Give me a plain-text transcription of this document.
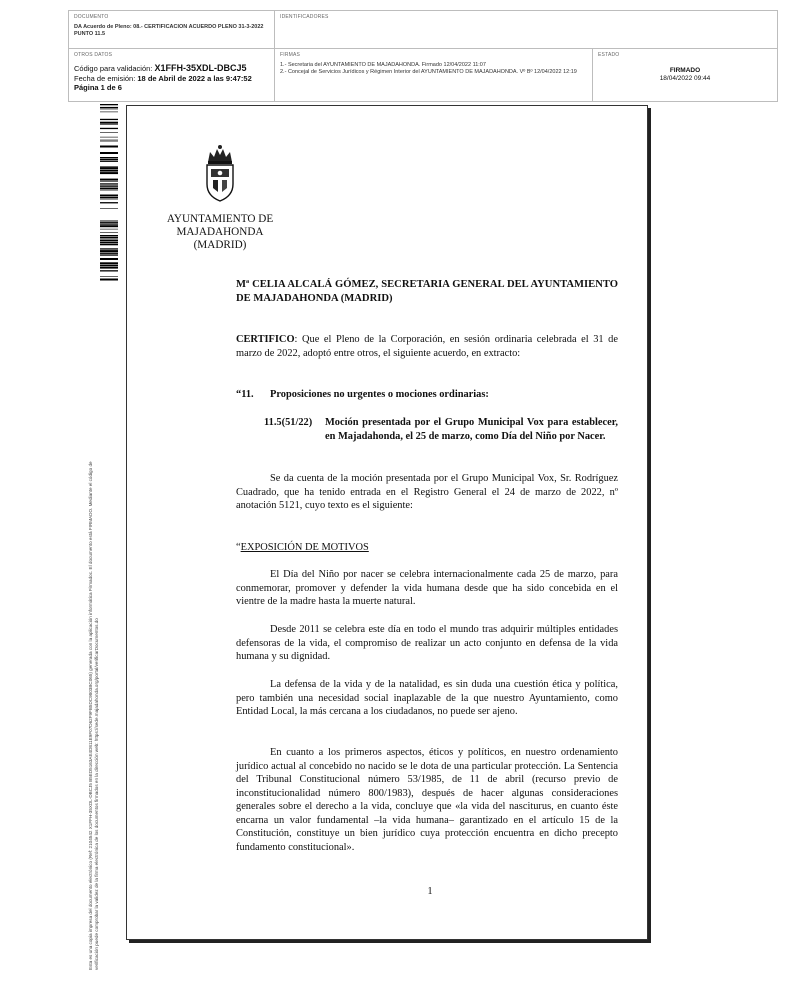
DOCUMENTO
DA Acuerdo de Pleno: 08.- CERTIFICACION ACUERDO PLENO 31-3-2022 PUNTO 11.5
IDENTIFICADORES
OTROS DATOS
Código para validación: X1FFH-35XDL-DBCJ5
Fecha de emisión: 18 de Abril de 2022 a las 9:47:52
Página 1 de 6
FIRMAS
1.- Secretaria del AYUNTAMIENTO DE MAJADAHONDA. Firmado 12/04/2022 11:07
2.- Concejal de Servicios Jurídicos y Régimen Interior del AYUNTAMIENTO DE MAJADAHONDA. Vº Bº 12/04/2022 12:19
ESTADO
FIRMADO
18/04/2022 09:44
Esta es una copia impresa del documento electrónico (Ref: 2104542 X1FFH-35XDL-DBCJ5 B5ED5163AE4D811E9F07D62F9FB5DC9803BC065) generada con la aplicación informática Firmadoc. El documento está FIRMADO. Mediante el código de verificación puede comprobar la validez de la firma electrónica de los documentos firmados en la dirección web: https://sede.majadahonda.org/portal/verificarDocumentos.do
AYUNTAMIENTO DE
MAJADAHONDA
(MADRID)
Mª CELIA ALCALÁ GÓMEZ, SECRETARIA GENERAL DEL AYUNTAMIENTO DE MAJADAHONDA (MADRID)
CERTIFICO: Que el Pleno de la Corporación, en sesión ordinaria celebrada el 31 de marzo de 2022, adoptó entre otros, el siguiente acuerdo, en extracto:
“11. Proposiciones no urgentes o mociones ordinarias:
11.5(51/22) Moción presentada por el Grupo Municipal Vox para establecer, en Majadahonda, el 25 de marzo, como Día del Niño por Nacer.
Se da cuenta de la moción presentada por el Grupo Municipal Vox, Sr. Rodríguez Cuadrado, que ha tenido entrada en el Registro General el 24 de marzo de 2022, nº anotación 5121, cuyo texto es el siguiente:
“EXPOSICIÓN DE MOTIVOS
El Día del Niño por nacer se celebra internacionalmente cada 25 de marzo, para conmemorar, promover y defender la vida humana desde que ha sido concebida en el vientre de la madre hasta la muerte natural.
Desde 2011 se celebra este día en todo el mundo tras adquirir múltiples entidades defensoras de la vida, el compromiso de realizar un acto conjunto en defensa de la vida humana y su dignidad.
La defensa de la vida y de la natalidad, es sin duda una cuestión ética y política, pero también una necesidad social inaplazable de la que nuestro Ayuntamiento, como Entidad Local, la más cercana a los ciudadanos, no puede ser ajeno.
En cuanto a los primeros aspectos, éticos y políticos, en nuestro ordenamiento jurídico actual al concebido no nacido se le dota de una particular protección. La Sentencia del Tribunal Constitucional número 53/1985, de 11 de abril (recurso previo de inconstitucionalidad número 800/1983), después de hacer algunas consideraciones generales sobre el derecho a la vida, concluye que «la vida del nasciturus, en cuanto éste encarna un valor fundamental –la vida humana– garantizado en el artículo 15 de la Constitución, constituye un bien jurídico cuya protección encuentra en dicho precepto fundamento constitucional».
1
